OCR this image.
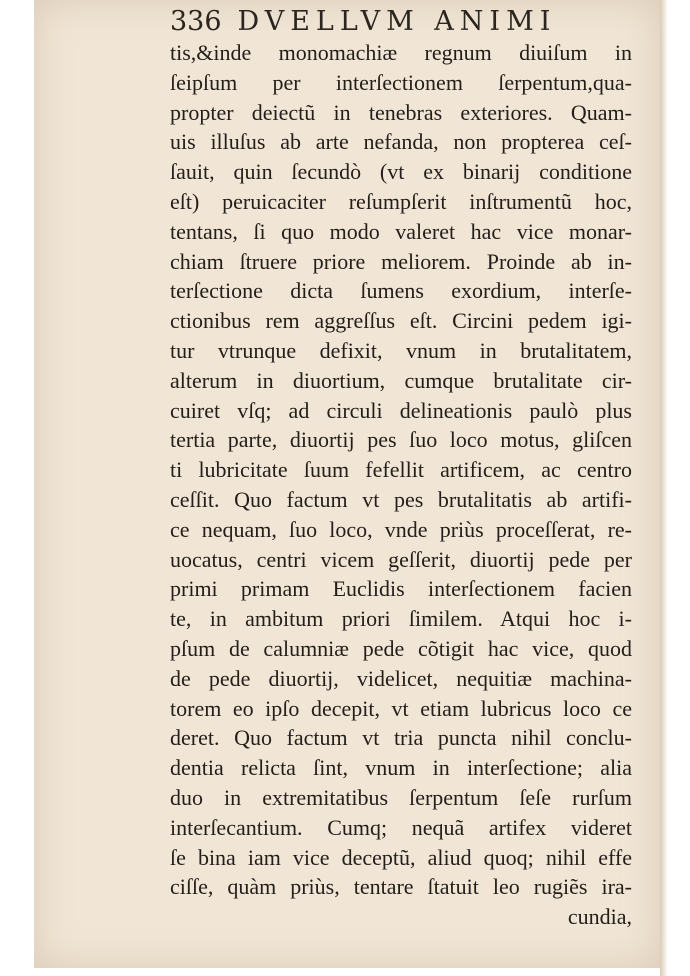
336 DVELLVM ANIMI
tis,&inde monomachiæ regnum diuiſum in
ſeipſum per interſectionem ſerpentum,qua-
propter deiectũ in tenebras exteriores. Quam-
uis illuſus ab arte nefanda, non propterea ceſ-
ſauit, quin ſecundò (vt ex binarij conditione
eſt) peruicaciter reſumpſerit inſtrumentũ hoc,
tentans, ſi quo modo valeret hac vice monar-
chiam ſtruere priore meliorem. Proinde ab in-
terſectione dicta ſumens exordium, interſe-
ctionibus rem aggreſſus eſt. Circini pedem igi-
tur vtrunque defixit, vnum in brutalitatem,
alterum in diuortium, cumque brutalitate cir-
cuiret vſq; ad circuli delineationis paulò plus
tertia parte, diuortij pes ſuo loco motus, gliſcen
ti lubricitate ſuum fefellit artificem, ac centro
ceſſit. Quo factum vt pes brutalitatis ab artifi-
ce nequam, ſuo loco, vnde priùs proceſſerat, re-
uocatus, centri vicem geſſerit, diuortij pede per
primi primam Euclidis interſectionem facien
te, in ambitum priori ſimilem. Atqui hoc i-
pſum de calumniæ pede cõtigit hac vice, quod
de pede diuortij, videlicet, nequitiæ machina-
torem eo ipſo decepit, vt etiam lubricus loco ce
deret. Quo factum vt tria puncta nihil conclu-
dentia relicta ſint, vnum in interſectione; alia
duo in extremitatibus ſerpentum ſeſe rurſum
interſecantium. Cumq; nequã artifex videret
ſe bina iam vice deceptũ, aliud quoq; nihil effe
ciſſe, quàm priùs, tentare ſtatuit leo rugiẽs ira-
cundia,
